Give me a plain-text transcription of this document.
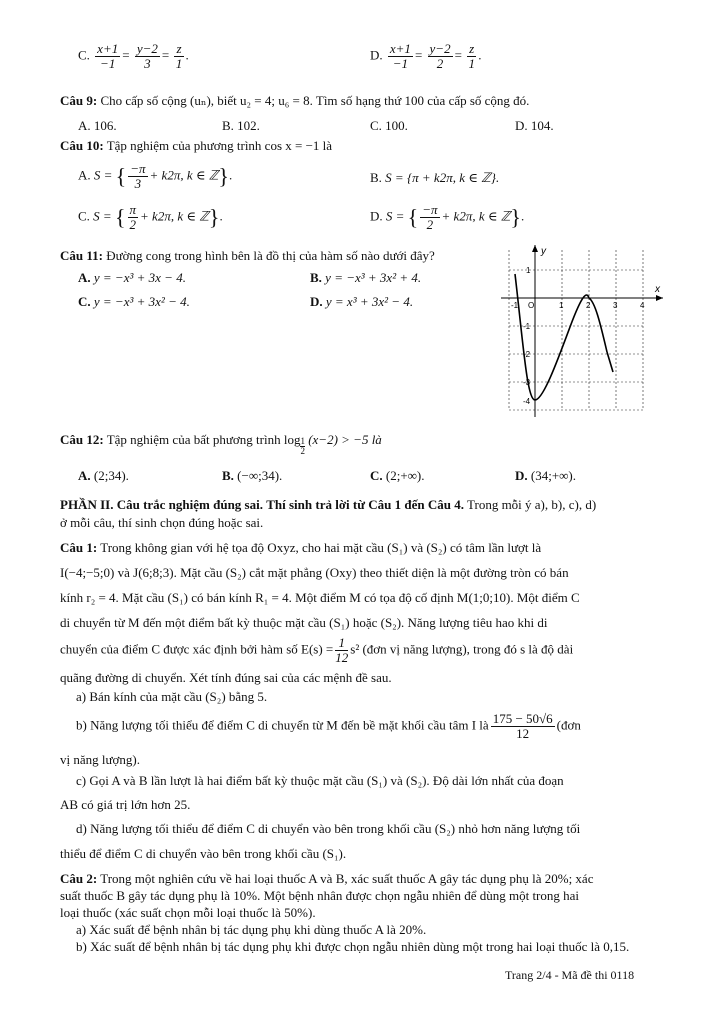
C. $\frac{x+1}{-1} = \frac{y-2}{3} = \frac{z}{1}$ .	D. $\frac{x+1}{-1} = \frac{y-2}{2} = \frac{z}{1}$ .
Câu 9: Cho cấp số cộng (uₙ), biết u₂ = 4; u₆ = 8. Tìm số hạng thứ 100 của cấp số cộng đó.
A. 106.	B. 102.	C. 100.	D. 104.
Câu 10: Tập nghiệm của phương trình cos x = −1 là
A. S = { $\frac{-\pi}{3} + k2\pi$, k ∈ ℤ}.	B. S = {π + k2π, k ∈ ℤ}.
C. S = { $\frac{\pi}{2} + k2\pi$, k ∈ ℤ}.	D. S = { $\frac{-\pi}{2} + k2\pi$, k ∈ ℤ}.
Câu 11: Đường cong trong hình bên là đồ thị của hàm số nào dưới đây?
A. y = −x³ + 3x − 4.	B. y = −x³ + 3x² + 4.
C. y = −x³ + 3x² − 4.	D. y = x³ + 3x² − 4.
y
x
O
-1	1	2	3	4
1
-1
-2
-3
-4
Câu 12: Tập nghiệm của bất phương trình $\log \frac{1}{2} (x-2) > -5$ là
A. (2;34).	B. (−∞;34).	C. (2;+∞).	D. (34;+∞).
PHẦN II. Câu trắc nghiệm đúng sai. Thí sinh trả lời từ Câu 1 đến Câu 4. Trong mỗi ý a), b), c), d)
ở mỗi câu, thí sinh chọn đúng hoặc sai.
Câu 1: Trong không gian với hệ tọa độ Oxyz, cho hai mặt cầu (S₁) và (S₂) có tâm lần lượt là
I(−4;−5;0) và J(6;8;3). Mặt cầu (S₂) cắt mặt phẳng (Oxy) theo thiết diện là một đường tròn có bán
kính r₂ = 4. Mặt cầu (S₁) có bán kính R₁ = 4. Một điểm M có tọa độ cố định M(1;0;10). Một điểm C
di chuyển từ M đến một điểm bất kỳ thuộc mặt cầu (S₁) hoặc (S₂). Năng lượng tiêu hao khi di
chuyển của điểm C được xác định bởi hàm số $E(s) = \frac{1}{12} s^2$ (đơn vị năng lượng), trong đó s là độ dài
quãng đường di chuyển. Xét tính đúng sai của các mệnh đề sau.
a) Bán kính của mặt cầu (S₂) bằng 5.
b) Năng lượng tối thiểu để điểm C di chuyển từ M đến bề mặt khối cầu tâm I là $\frac{175 - 50√6}{12}$ (đơn
vị năng lượng).
c) Gọi A và B lần lượt là hai điểm bất kỳ thuộc mặt cầu (S₁) và (S₂). Độ dài lớn nhất của đoạn
AB có giá trị lớn hơn 25.
d) Năng lượng tối thiểu để điểm C di chuyển vào bên trong khối cầu (S₂) nhỏ hơn năng lượng tối
thiểu để điểm C di chuyển vào bên trong khối cầu (S₁).
Câu 2: Trong một nghiên cứu về hai loại thuốc A và B, xác suất thuốc A gây tác dụng phụ là 20%; xác
suất thuốc B gây tác dụng phụ là 10%. Một bệnh nhân được chọn ngẫu nhiên để dùng một trong hai
loại thuốc (xác suất chọn mỗi loại thuốc là 50%).
a) Xác suất để bệnh nhân bị tác dụng phụ khi dùng thuốc A là 20%.
b) Xác suất để bệnh nhân bị tác dụng phụ khi được chọn ngẫu nhiên dùng một trong hai loại thuốc là 0,15.
Trang 2/4 - Mã đề thi 0118
